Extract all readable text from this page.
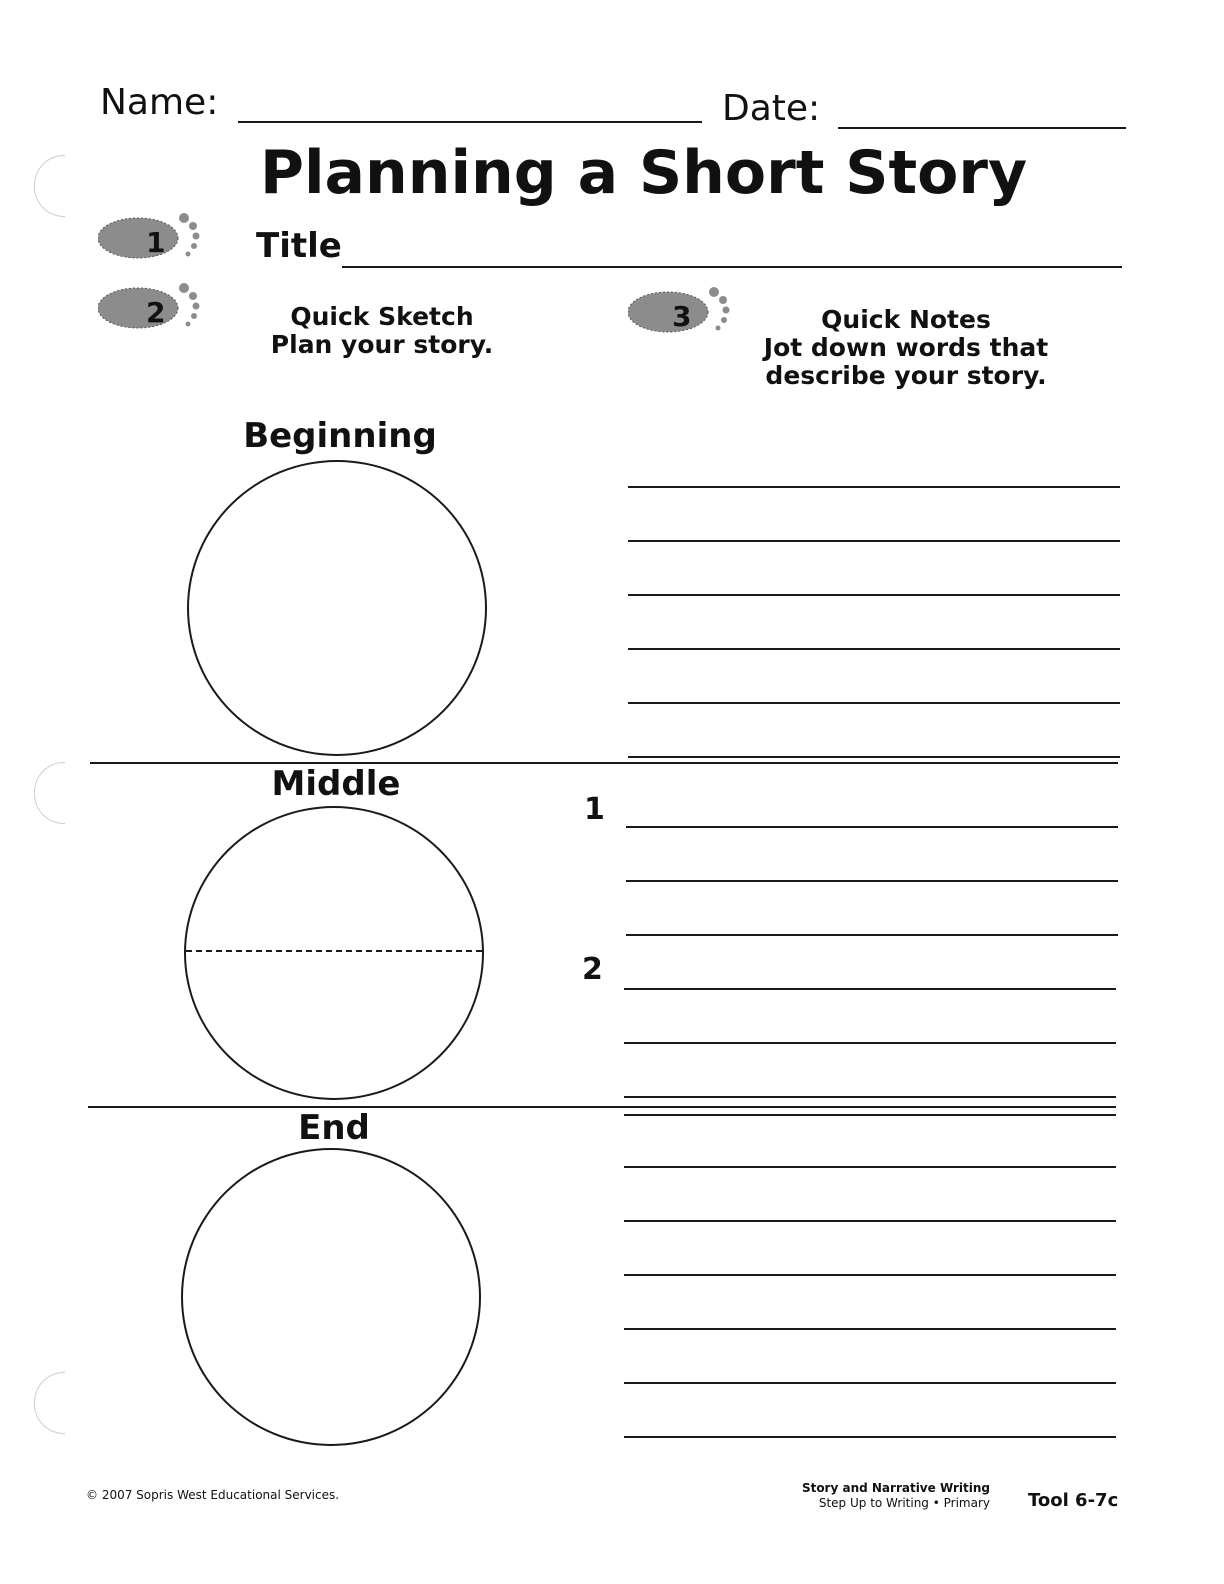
Name:	Date:
Planning a Short Story
1	Title
2	Quick Sketch
Plan your story.
3	Quick Notes
Jot down words that
describe your story.
Beginning
Middle
1
2
End
© 2007 Sopris West Educational Services.	Story and Narrative Writing
Step Up to Writing • Primary Tool 6-7c
